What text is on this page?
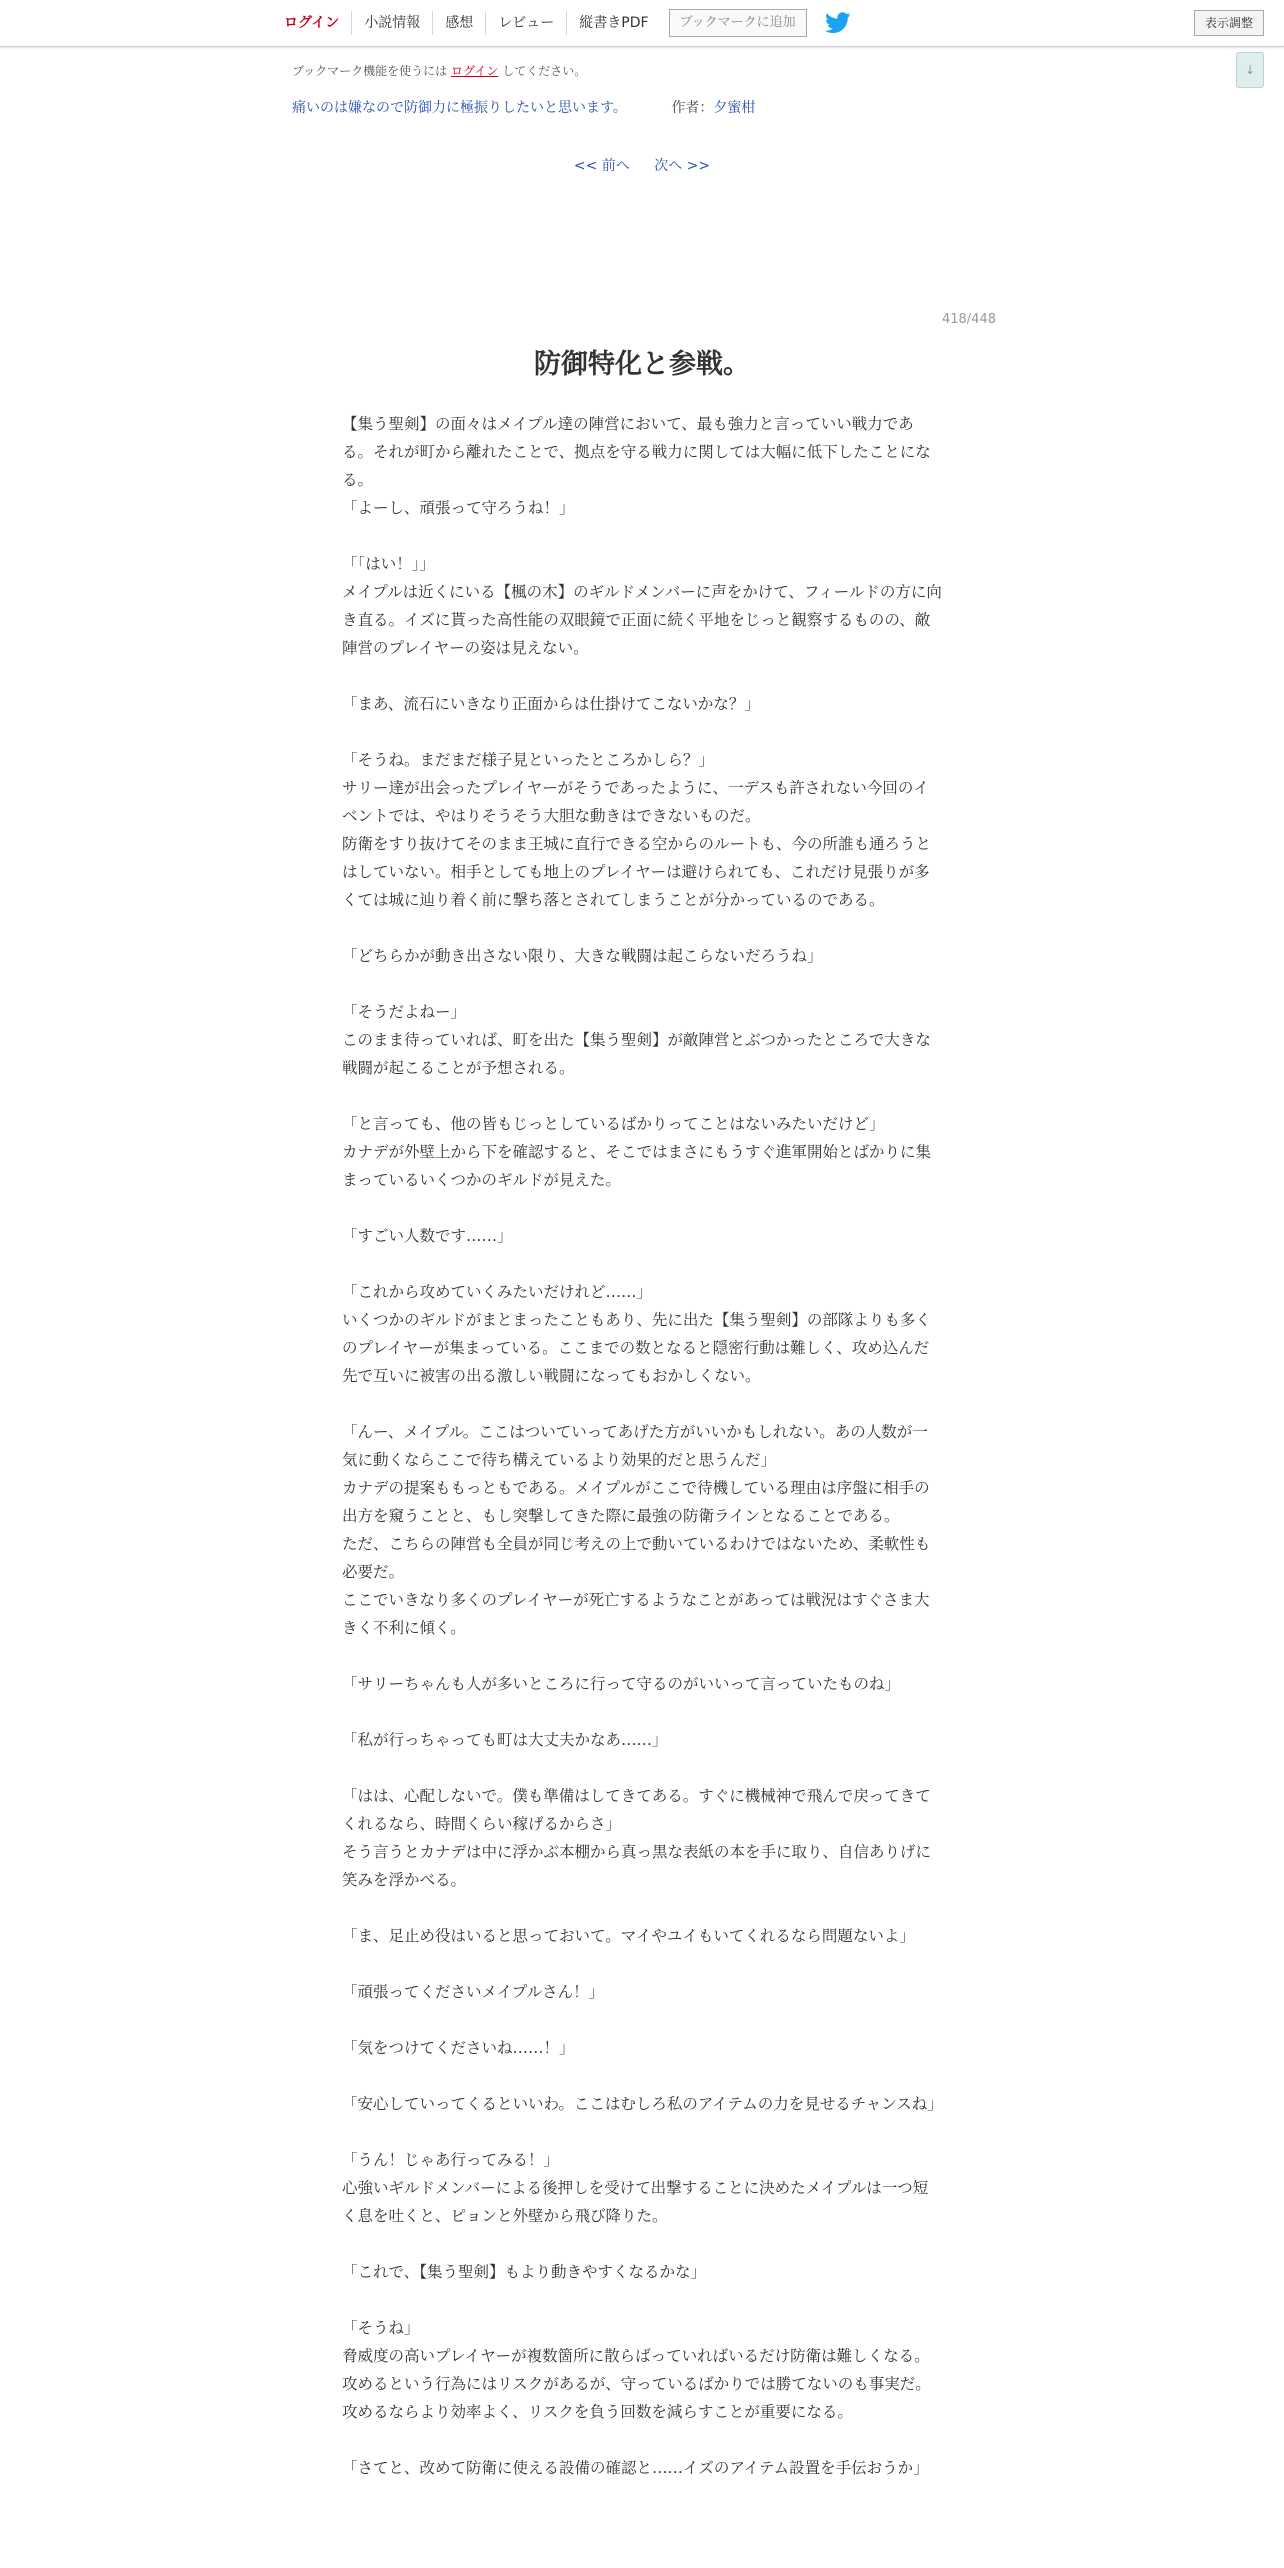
ログイン	小説情報	感想	レビュー	縦書きPDF	ブックマークに追加	表示調整
↓
ブックマーク機能を使うには ログイン してください。
痛いのは嫌なので防御力に極振りしたいと思います。	作者：夕蜜柑
<< 前へ 次へ >>
418/448
防御特化と参戦。

【集う聖剣】の面々はメイプル達の陣営において、最も強力と言っていい戦力である。それが町から離れたことで、拠点を守る戦力に関しては大幅に低下したことになる。

「よーし、頑張って守ろうね！」

「「はい！」」

メイプルは近くにいる【楓の木】のギルドメンバーに声をかけて、フィールドの方に向き直る。イズに貰った高性能の双眼鏡で正面に続く平地をじっと観察するものの、敵陣営のプレイヤーの姿は見えない。

「まあ、流石にいきなり正面からは仕掛けてこないかな？」

「そうね。まだまだ様子見といったところかしら？」

サリー達が出会ったプレイヤーがそうであったように、一デスも許されない今回のイベントでは、やはりそうそう大胆な動きはできないものだ。

防衛をすり抜けてそのまま王城に直行できる空からのルートも、今の所誰も通ろうとはしていない。相手としても地上のプレイヤーは避けられても、これだけ見張りが多くては城に辿り着く前に撃ち落とされてしまうことが分かっているのである。

「どちらかが動き出さない限り、大きな戦闘は起こらないだろうね」

「そうだよねー」

このまま待っていれば、町を出た【集う聖剣】が敵陣営とぶつかったところで大きな戦闘が起こることが予想される。

「と言っても、他の皆もじっとしているばかりってことはないみたいだけど」

カナデが外壁上から下を確認すると、そこではまさにもうすぐ進軍開始とばかりに集まっているいくつかのギルドが見えた。

「すごい人数です……」

「これから攻めていくみたいだけれど……」

いくつかのギルドがまとまったこともあり、先に出た【集う聖剣】の部隊よりも多くのプレイヤーが集まっている。ここまでの数となると隠密行動は難しく、攻め込んだ先で互いに被害の出る激しい戦闘になってもおかしくない。

「んー、メイプル。ここはついていってあげた方がいいかもしれない。あの人数が一気に動くならここで待ち構えているより効果的だと思うんだ」

カナデの提案ももっともである。メイプルがここで待機している理由は序盤に相手の出方を窺うことと、もし突撃してきた際に最強の防衛ラインとなることである。

ただ、こちらの陣営も全員が同じ考えの上で動いているわけではないため、柔軟性も必要だ。

ここでいきなり多くのプレイヤーが死亡するようなことがあっては戦況はすぐさま大きく不利に傾く。

「サリーちゃんも人が多いところに行って守るのがいいって言っていたものね」

「私が行っちゃっても町は大丈夫かなあ……」

「はは、心配しないで。僕も準備はしてきてある。すぐに機械神で飛んで戻ってきてくれるなら、時間くらい稼げるからさ」

そう言うとカナデは中に浮かぶ本棚から真っ黒な表紙の本を手に取り、自信ありげに笑みを浮かべる。

「ま、足止め役はいると思っておいて。マイやユイもいてくれるなら問題ないよ」

「頑張ってくださいメイプルさん！」

「気をつけてくださいね……！」

「安心していってくるといいわ。ここはむしろ私のアイテムの力を見せるチャンスね」

「うん！じゃあ行ってみる！」

心強いギルドメンバーによる後押しを受けて出撃することに決めたメイプルは一つ短く息を吐くと、ピョンと外壁から飛び降りた。

「これで、【集う聖剣】もより動きやすくなるかな」

「そうね」

脅威度の高いプレイヤーが複数箇所に散らばっていればいるだけ防衛は難しくなる。

攻めるという行為にはリスクがあるが、守っているばかりでは勝てないのも事実だ。攻めるならより効率よく、リスクを負う回数を減らすことが重要になる。

「さてと、改めて防衛に使える設備の確認と……イズのアイテム設置を手伝おうか」
